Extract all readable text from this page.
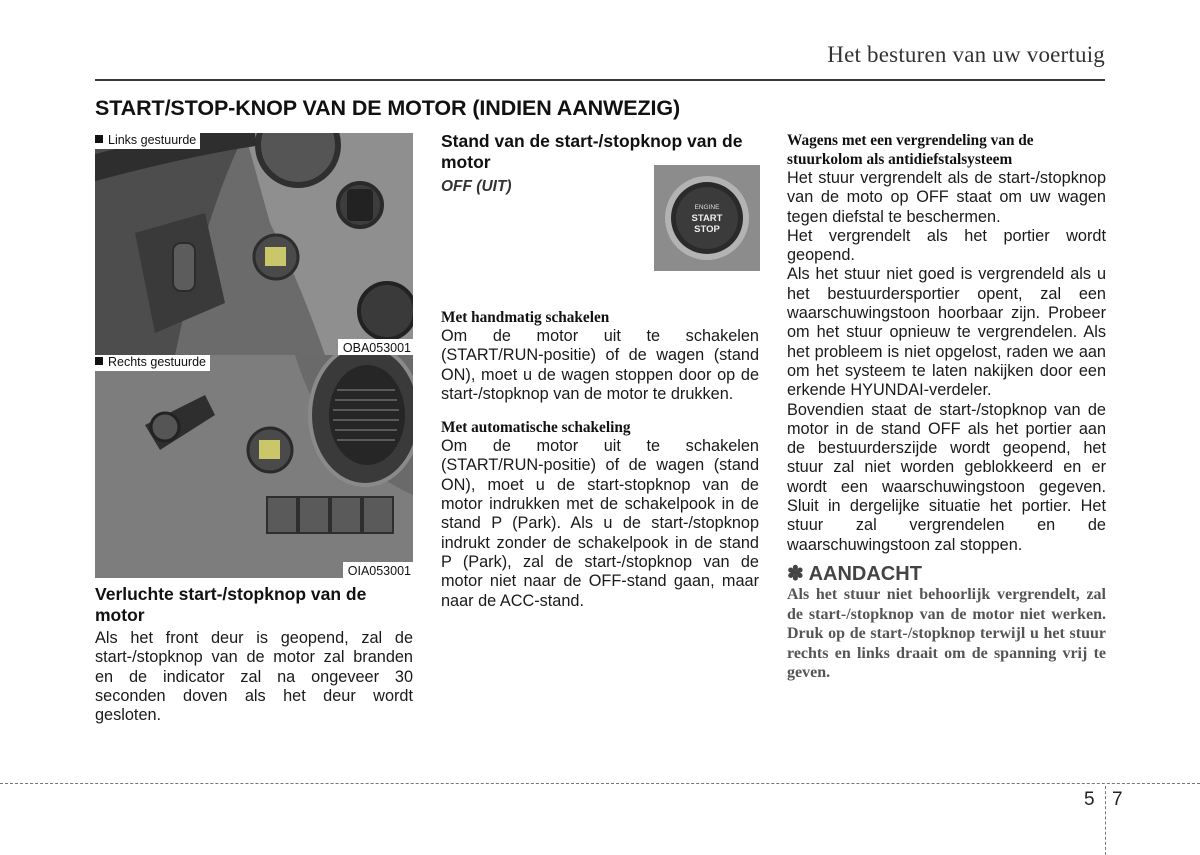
Het besturen van uw voertuig
START/STOP-KNOP VAN DE MOTOR (INDIEN AANWEZIG)
Links gestuurde
OBA053001
Rechts gestuurde
OIA053001

Verluchte start-/stopknop van de motor

Als het front deur is geopend, zal de start-/stopknop van de motor zal branden en de indicator zal na ongeveer 30 seconden doven als het deur wordt gesloten.

Stand van de start-/stopknop van de motor

OFF (UIT)

ENGINE
START
STOP

Met handmatig schakelen

Om de motor uit te schakelen (START/RUN-positie) of de wagen (stand ON), moet u de wagen stoppen door op de start-/stopknop van de motor te drukken.

Met automatische schakeling

Om de motor uit te schakelen (START/RUN-positie) of de wagen (stand ON), moet u de start-stopknop van de motor indrukken met de schakelpook in de stand P (Park). Als u de start-/stopknop indrukt zonder de schakelpook in de stand P (Park), zal de start-/stopknop van de motor niet naar de OFF-stand gaan, maar naar de ACC-stand.

Wagens met een vergrendeling van de stuurkolom als antidiefstalsysteem

Het stuur vergrendelt als de start-/stopknop van de moto op OFF staat om uw wagen tegen diefstal te beschermen.

Het vergrendelt als het portier wordt geopend.

Als het stuur niet goed is vergrendeld als u het bestuurdersportier opent, zal een waarschuwingstoon hoorbaar zijn. Probeer om het stuur opnieuw te vergrendelen. Als het probleem is niet opgelost, raden we aan om het systeem te laten nakijken door een erkende HYUNDAI-verdeler.

Bovendien staat de start-/stopknop van de motor in de stand OFF als het portier aan de bestuurderszijde wordt geopend, het stuur zal niet worden geblokkeerd en er wordt een waarschuwingstoon gegeven. Sluit in dergelijke situatie het portier. Het stuur zal vergrendelen en de waarschuwingstoon zal stoppen.

✽ AANDACHT

Als het stuur niet behoorlijk vergrendelt, zal de start-/stopknop van de motor niet werken. Druk op de start-/stopknop terwijl u het stuur rechts en links draait om de spanning vrij te geven.

5 7
